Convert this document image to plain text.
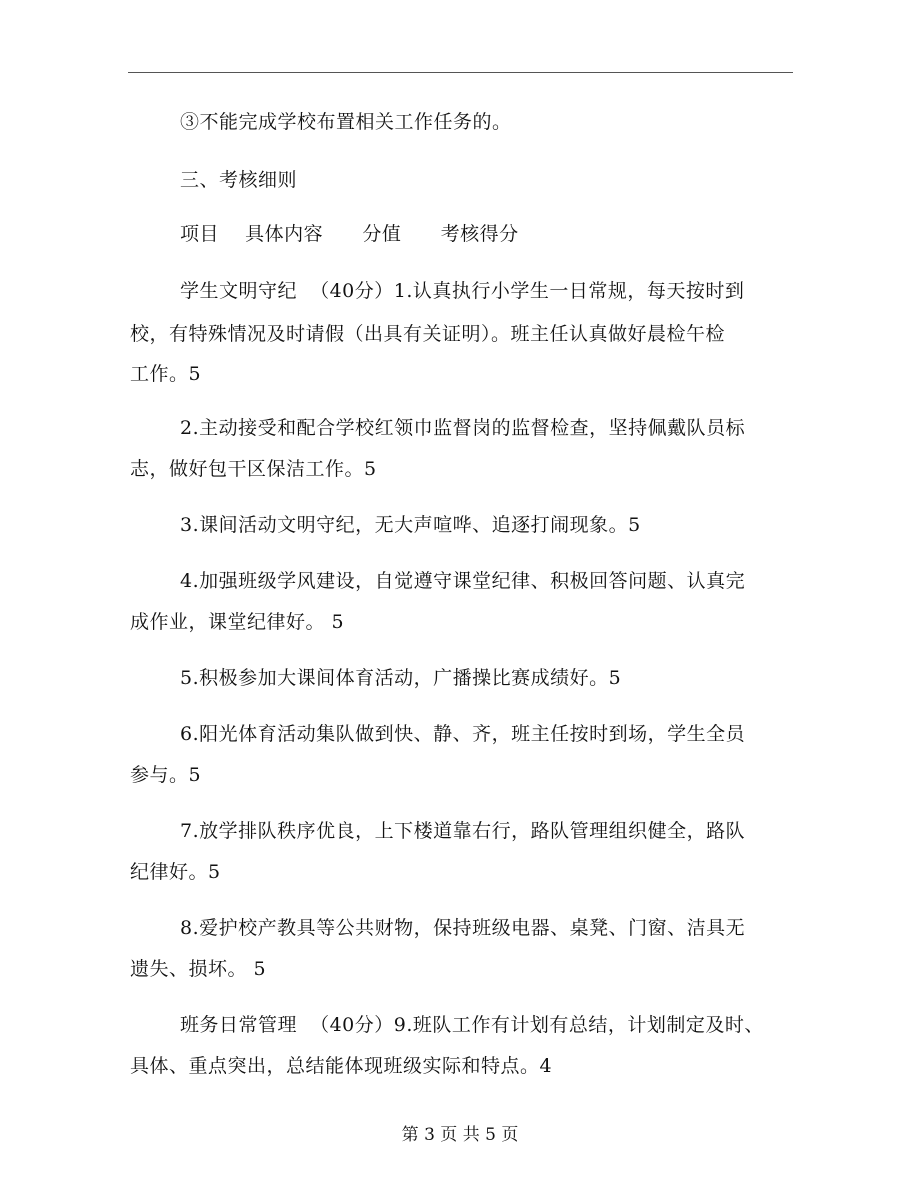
③不能完成学校布置相关工作任务的。
三、考核细则
项目    具体内容      分值      考核得分
学生文明守纪  （40分）1.认真执行小学生一日常规，每天按时到
校，有特殊情况及时请假（出具有关证明）。班主任认真做好晨检午检
工作。5
2.主动接受和配合学校红领巾监督岗的监督检查，坚持佩戴队员标
志，做好包干区保洁工作。5
3.课间活动文明守纪，无大声喧哗、追逐打闹现象。5
4.加强班级学风建设，自觉遵守课堂纪律、积极回答问题、认真完
成作业，课堂纪律好。 5
5.积极参加大课间体育活动，广播操比赛成绩好。5
6.阳光体育活动集队做到快、静、齐，班主任按时到场，学生全员
参与。5
7.放学排队秩序优良，上下楼道靠右行，路队管理组织健全，路队
纪律好。5
8.爱护校产教具等公共财物，保持班级电器、桌凳、门窗、洁具无
遗失、损坏。 5
班务日常管理  （40分）9.班队工作有计划有总结，计划制定及时、
具体、重点突出，总结能体现班级实际和特点。4
第 3 页 共 5 页
